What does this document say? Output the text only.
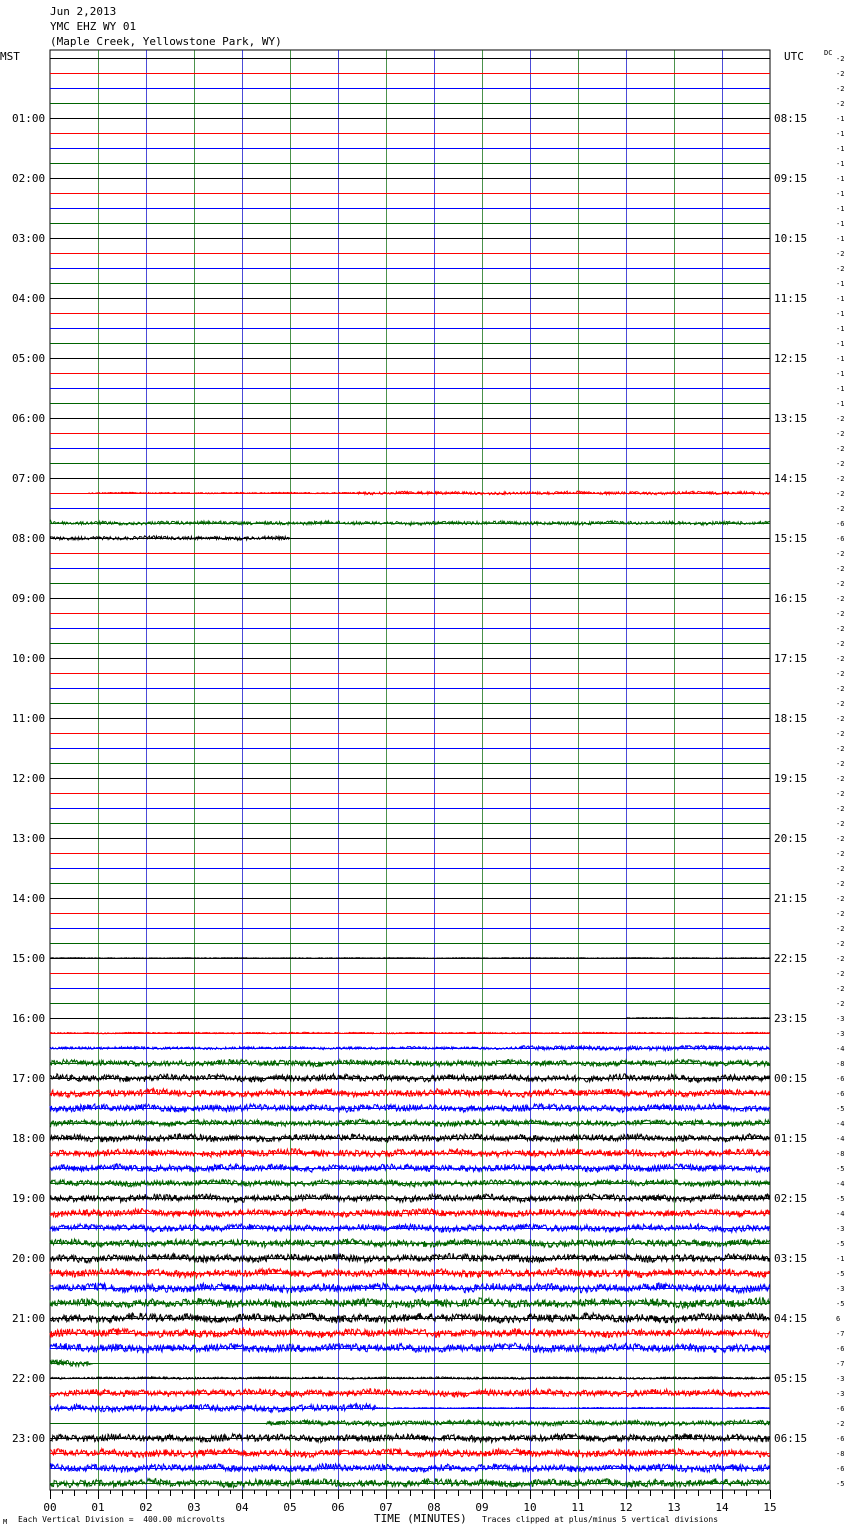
Jun 2,2013
YMC EHZ WY 01
(Maple Creek, Yellowstone Park, WY)
MST	UTC	DC
01:00	08:15
02:00	09:15
03:00	10:15
04:00	11:15
05:00	12:15
06:00	13:15
07:00	14:15
08:00	15:15
09:00	16:15
10:00	17:15
11:00	18:15
12:00	19:15
13:00	20:15
14:00	21:15
15:00	22:15
16:00	23:15
17:00	00:15
18:00	01:15
19:00	02:15
20:00	03:15
21:00	04:15
22:00	05:15
23:00	06:15
-2
-2
-2
-2
-1
-1
-1
-1
-1
-1
-1
-1
-1
-2
-2
-1
-1
-1
-1
-1
-1
-1
-1
-1
-2
-2
-2
-2
-2
-2
-2
-6
-6
-2
-2
-2
-2
-2
-2
-2
-2
-2
-2
-2
-2
-2
-2
-2
-2
-2
-2
-2
-2
-2
-2
-2
-2
-2
-2
-2
-2
-2
-2
-2
-3
-3
-4
-8
-6
-6
-5
-4
-4
-8
-5
-4
-5
-4
-3
-5
-1
-5
-3
-5
6
-7
-6
-7
-3
-3
-6
-2
-6
-8
-6
-5
00	01	02	03	04	05	06	07	08	09	10	11	12	13	14	15
M Each Vertical Division =  400.00 microvolts	TIME (MINUTES) Traces clipped at plus/minus 5 vertical divisions
